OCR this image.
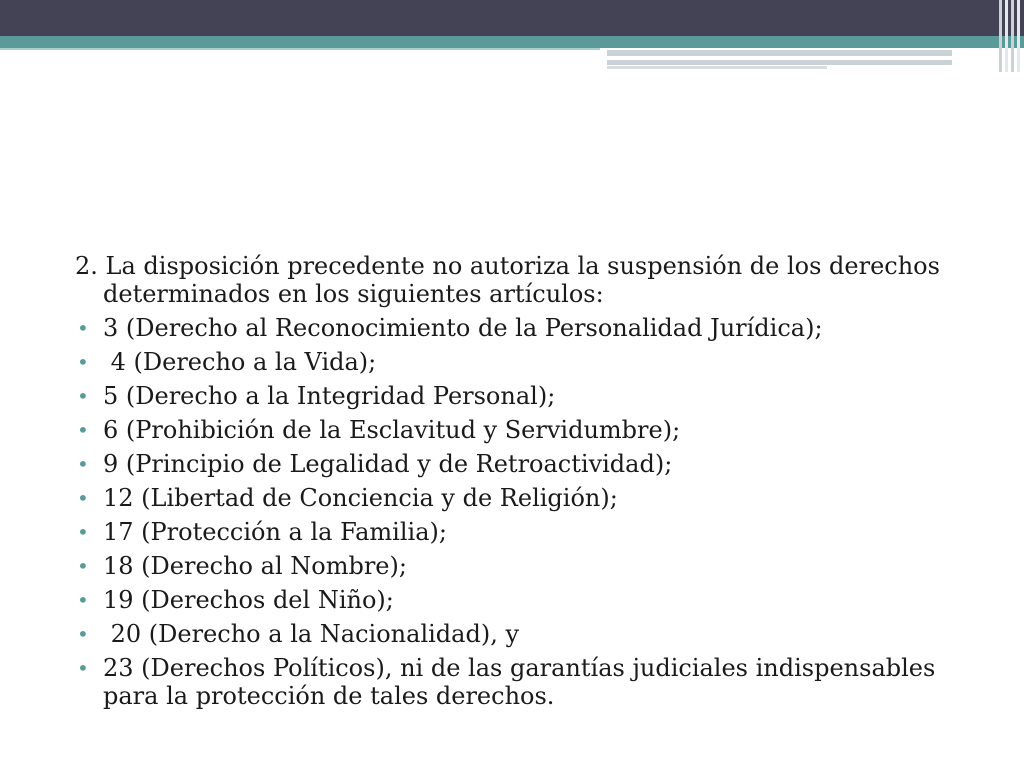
2. La disposición precedente no autoriza la suspensión de los derechos determinados en los siguientes artículos:

• 3 (Derecho al Reconocimiento de la Personalidad Jurídica);
• 4 (Derecho a la Vida);
• 5 (Derecho a la Integridad Personal);
• 6 (Prohibición de la Esclavitud y Servidumbre);
• 9 (Principio de Legalidad y de Retroactividad);
• 12 (Libertad de Conciencia y de Religión);
• 17 (Protección a la Familia);
• 18 (Derecho al Nombre);
• 19 (Derechos del Niño);
• 20 (Derecho a la Nacionalidad), y
• 23 (Derechos Políticos), ni de las garantías judiciales indispensables para la protección de tales derechos.
